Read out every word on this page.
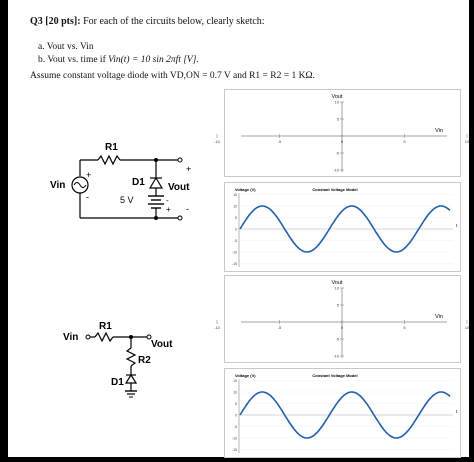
Q3 [20 pts]: For each of the circuits below, clearly sketch:
a. Vout vs. Vin
b. Vout vs. time if Vin(t) = 10 sin 2πft [V].
Assume constant voltage diode with VD,ON = 0.7 V and R1 = R2 = 1 KΩ.
R1
Vin
+
-
D1 Vout
5 V	-
+
+
-
Vin
R1
Vout
R2
D1
Vout
10
5
-5
-10
-10	-5	0	5	10
Vin
Voltage (V)	Constant Voltage Model
15
10
5
0
-5
-10
-15
t
Vout
10
5
-5
-10
-10	-5	0	5	10
Vin
Voltage (V)	Constant Voltage Model
15
10
5
0
-5
-10
-15
t
